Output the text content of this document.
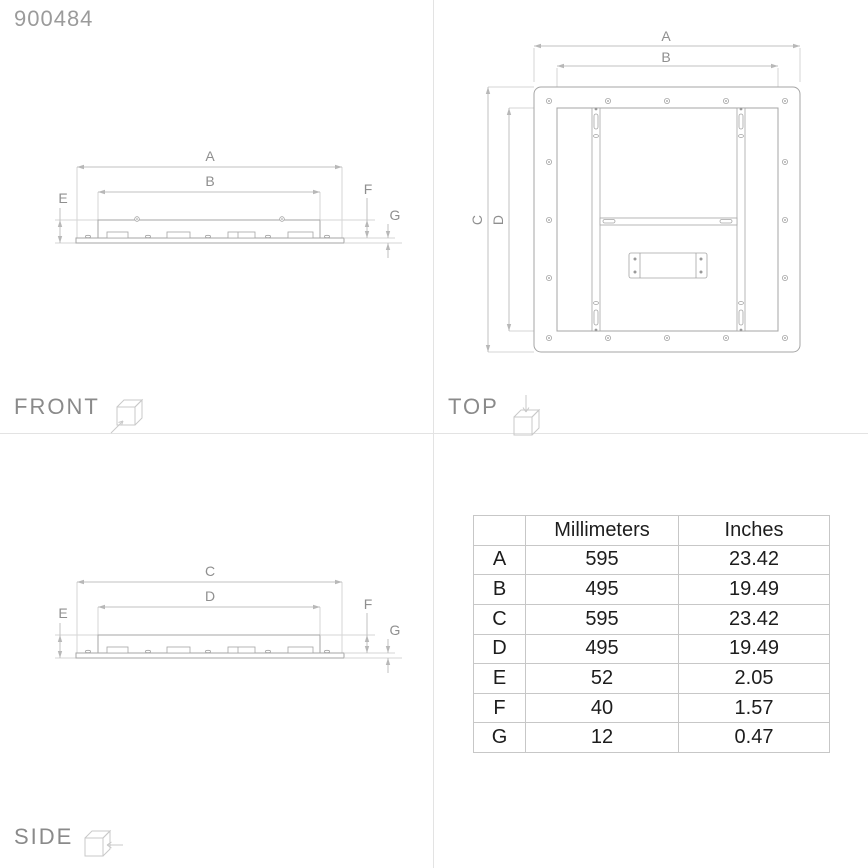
900484
A
B
E
F
G
A
B
C D
C
D
E
F
G
FRONT	TOP
SIDE
	Millimeters	Inches
A	595	23.42
B	495	19.49
C	595	23.42
D	495	19.49
E	52	2.05
F	40	1.57
G	12	0.47
